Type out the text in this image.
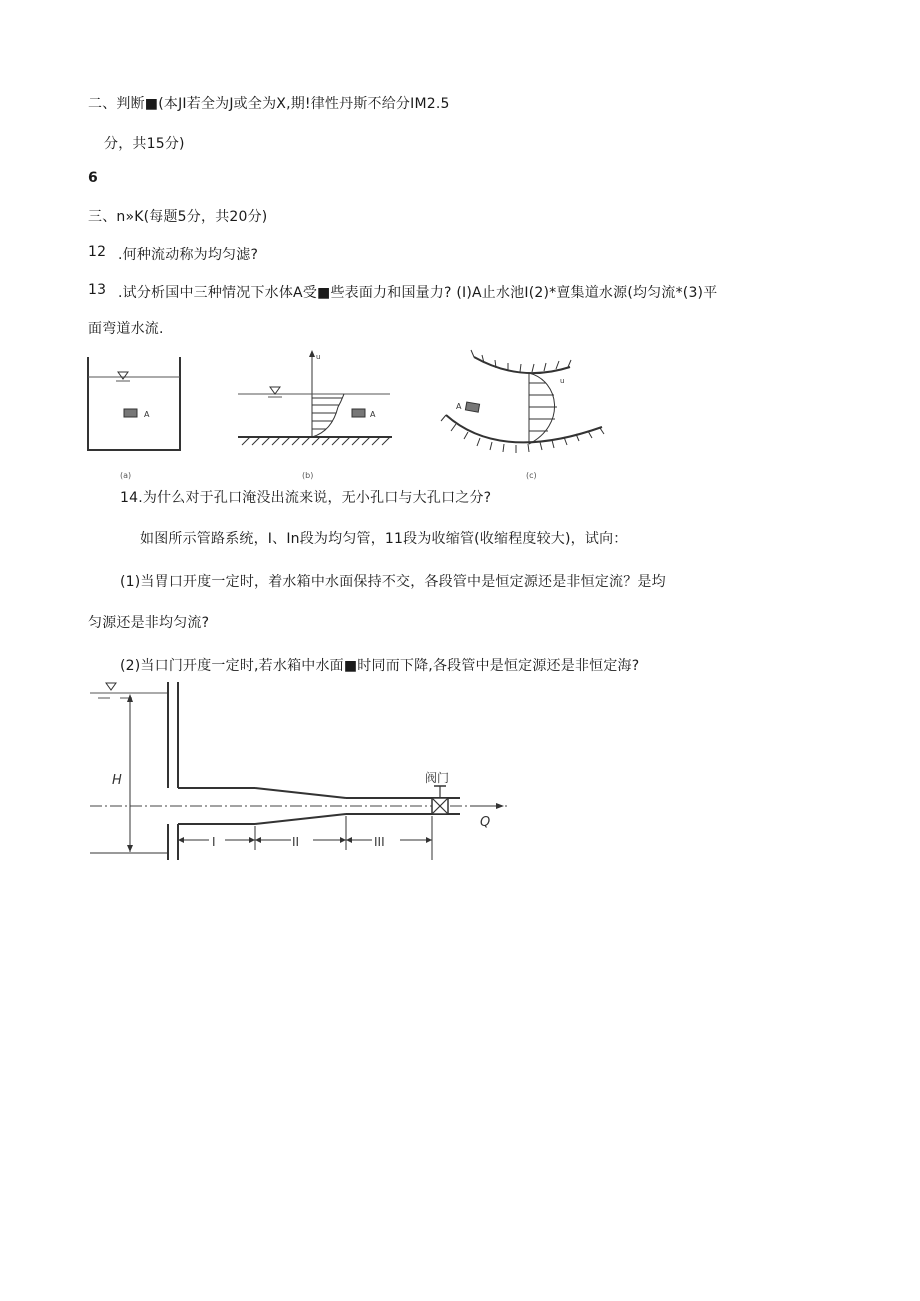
二、判断■(本JI若全为J或全为X,期!律性丹斯不给分IM2.5
分，共15分)
6
三、n»K(每题5分，共20分)
12 .何种流动称为均匀滤?
13 .试分析国中三种情况下水体A受■些表面力和国量力? (I)A止水池I(2)*亶集道水源(均匀流*(3)平
面弯道水流.
A
(a)
u
A
(b)
u
A
(c)
14.为什么对于孔口淹没出流来说，无小孔口与大孔口之分?
如图所示管路系统，I、In段为均匀管，11段为收缩管(收缩程度较大)，试向：
(1)当胃口开度一定时，着水箱中水面保持不交，各段管中是恒定源还是非恒定流？是均
匀源还是非均匀流?
(2)当口门开度一定时,若水箱中水面■时同而下降,各段管中是恒定源还是非恒定海?
H
I	II	III
阀门
Q
